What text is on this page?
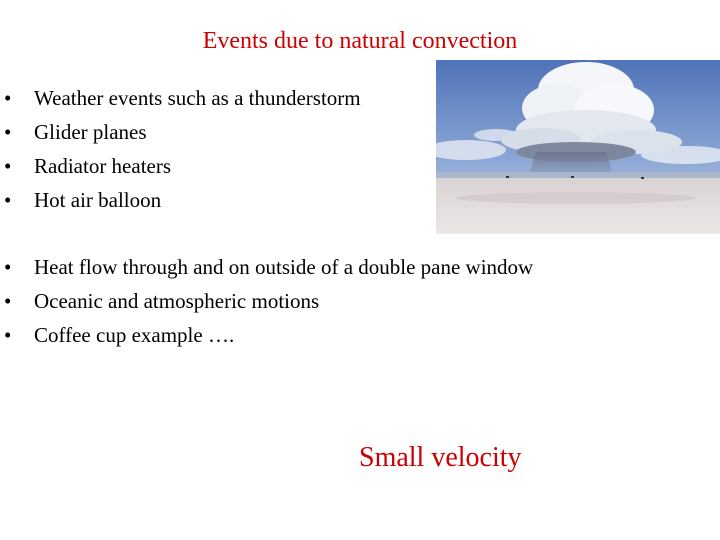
Events due to natural convection
• Weather events such as a thunderstorm
• Glider planes
• Radiator heaters
• Hot air balloon
• Heat flow through and on outside of a double pane window
• Oceanic and atmospheric motions
• Coffee cup example ….
Small velocity
